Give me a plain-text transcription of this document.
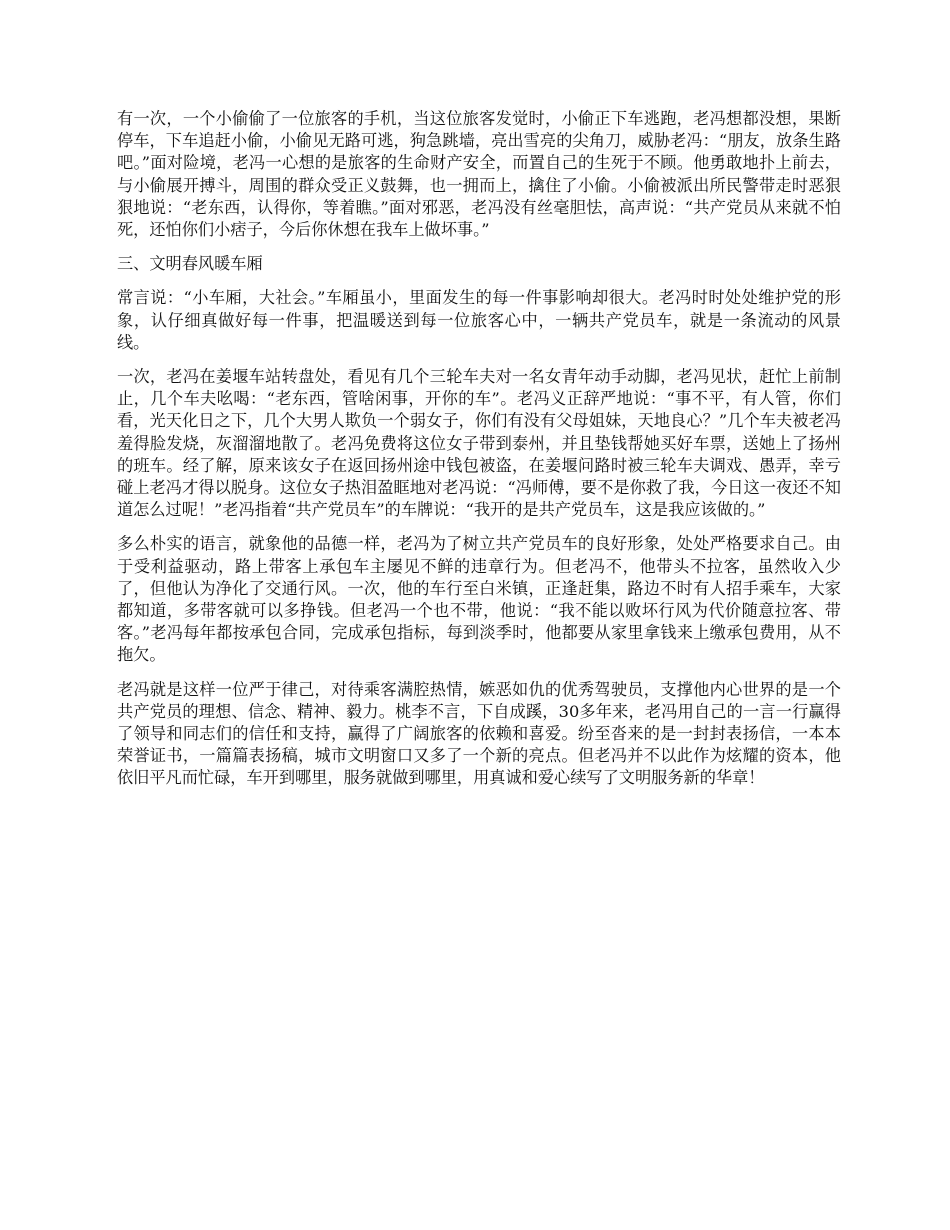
有一次，一个小偷偷了一位旅客的手机，当这位旅客发觉时，小偷正下车逃跑，老冯想都没想，果断停车，下车追赶小偷，小偷见无路可逃，狗急跳墙，亮出雪亮的尖角刀，威胁老冯：“朋友，放条生路吧。”面对险境，老冯一心想的是旅客的生命财产安全，而置自己的生死于不顾。他勇敢地扑上前去，与小偷展开搏斗，周围的群众受正义鼓舞，也一拥而上，擒住了小偷。小偷被派出所民警带走时恶狠狠地说：“老东西，认得你，等着瞧。”面对邪恶，老冯没有丝毫胆怯，高声说：“共产党员从来就不怕死，还怕你们小痞子，今后你休想在我车上做坏事。”

三、文明春风暖车厢

常言说：“小车厢，大社会。”车厢虽小，里面发生的每一件事影响却很大。老冯时时处处维护党的形象，认仔细真做好每一件事，把温暖送到每一位旅客心中，一辆共产党员车，就是一条流动的风景线。

一次，老冯在姜堰车站转盘处，看见有几个三轮车夫对一名女青年动手动脚，老冯见状，赶忙上前制止，几个车夫吆喝：“老东西，管啥闲事，开你的车”。老冯义正辞严地说：“事不平，有人管，你们看，光天化日之下，几个大男人欺负一个弱女子，你们有没有父母姐妹，天地良心？”几个车夫被老冯羞得脸发烧，灰溜溜地散了。老冯免费将这位女子带到泰州，并且垫钱帮她买好车票，送她上了扬州的班车。经了解，原来该女子在返回扬州途中钱包被盗，在姜堰问路时被三轮车夫调戏、愚弄，幸亏碰上老冯才得以脱身。这位女子热泪盈眶地对老冯说：“冯师傅，要不是你救了我，今日这一夜还不知道怎么过呢！”老冯指着“共产党员车”的车牌说：“我开的是共产党员车，这是我应该做的。”

多么朴实的语言，就象他的品德一样，老冯为了树立共产党员车的良好形象，处处严格要求自己。由于受利益驱动，路上带客上承包车主屡见不鲜的违章行为。但老冯不，他带头不拉客，虽然收入少了，但他认为净化了交通行风。一次，他的车行至白米镇，正逢赶集，路边不时有人招手乘车，大家都知道，多带客就可以多挣钱。但老冯一个也不带，他说：“我不能以败坏行风为代价随意拉客、带客。”老冯每年都按承包合同，完成承包指标，每到淡季时，他都要从家里拿钱来上缴承包费用，从不拖欠。

老冯就是这样一位严于律己，对待乘客满腔热情，嫉恶如仇的优秀驾驶员，支撑他内心世界的是一个共产党员的理想、信念、精神、毅力。桃李不言，下自成蹊，30多年来，老冯用自己的一言一行赢得了领导和同志们的信任和支持，赢得了广阔旅客的依赖和喜爱。纷至沓来的是一封封表扬信，一本本荣誉证书，一篇篇表扬稿，城市文明窗口又多了一个新的亮点。但老冯并不以此作为炫耀的资本，他依旧平凡而忙碌，车开到哪里，服务就做到哪里，用真诚和爱心续写了文明服务新的华章！
